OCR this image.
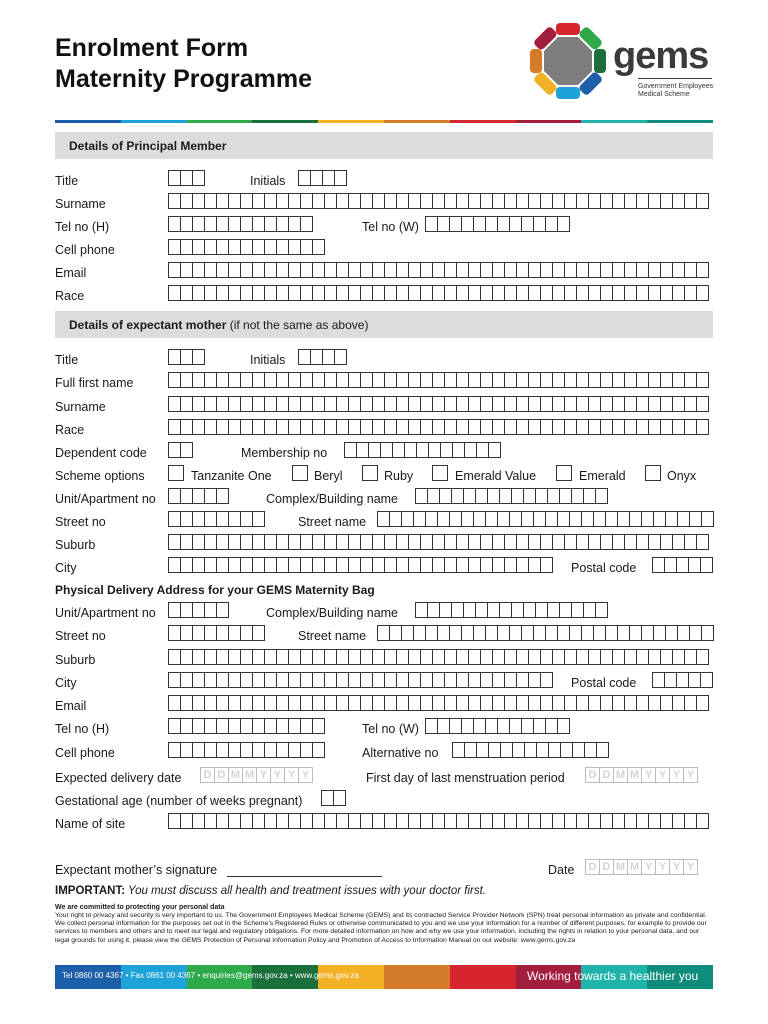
Enrolment Form
Maternity Programme
gems
Government Employees Medical Scheme
Details of Principal Member
Title	Initials
Surname
Tel no (H)	Tel no (W)
Cell phone
Email
Race
Details of expectant mother (if not the same as above)
Title	Initials
Full first name
Surname
Race
Dependent code	Membership no
Scheme options	Tanzanite One	Beryl	Ruby	Emerald Value	Emerald	Onyx
Unit/Apartment no	Complex/Building name
Street no	Street name
Suburb
City	Postal code
Physical Delivery Address for your GEMS Maternity Bag
Unit/Apartment no	Complex/Building name
Street no	Street name
Suburb
City	Postal code
Email
Tel no (H)	Tel no (W)
Cell phone	Alternative no
Expected delivery date D D M M Y Y Y Y	First day of last menstruation period D D M M Y Y Y Y
Gestational age (number of weeks pregnant)
Name of site
Expectant mother’s signature	Date D D M M Y Y Y Y
IMPORTANT: You must discuss all health and treatment issues with your doctor first.
We are committed to protecting your personal data
Your right to privacy and security is very important to us. The Government Employees Medical Scheme (GEMS) and its contracted Service Provider Network (SPN) treat personal information as private and confidential. We collect personal information for the purposes set out in the Scheme’s Registered Rules or otherwise communicated to you and we use your information for a number of different purposes, for example to provide our services to members and others and to meet our legal and regulatory obligations. For more detailed information on how and why we use your information, including the rights in relation to your personal data, and our legal grounds for using it, please view the GEMS Protection of Personal Information Policy and Promotion of Access to Information Manual on our website: www.gems.gov.za
Tel 0860 00 4367 • Fax 0861 00 4367 • enquiries@gems.gov.za • www.gems.gov.za	Working towards a healthier you
